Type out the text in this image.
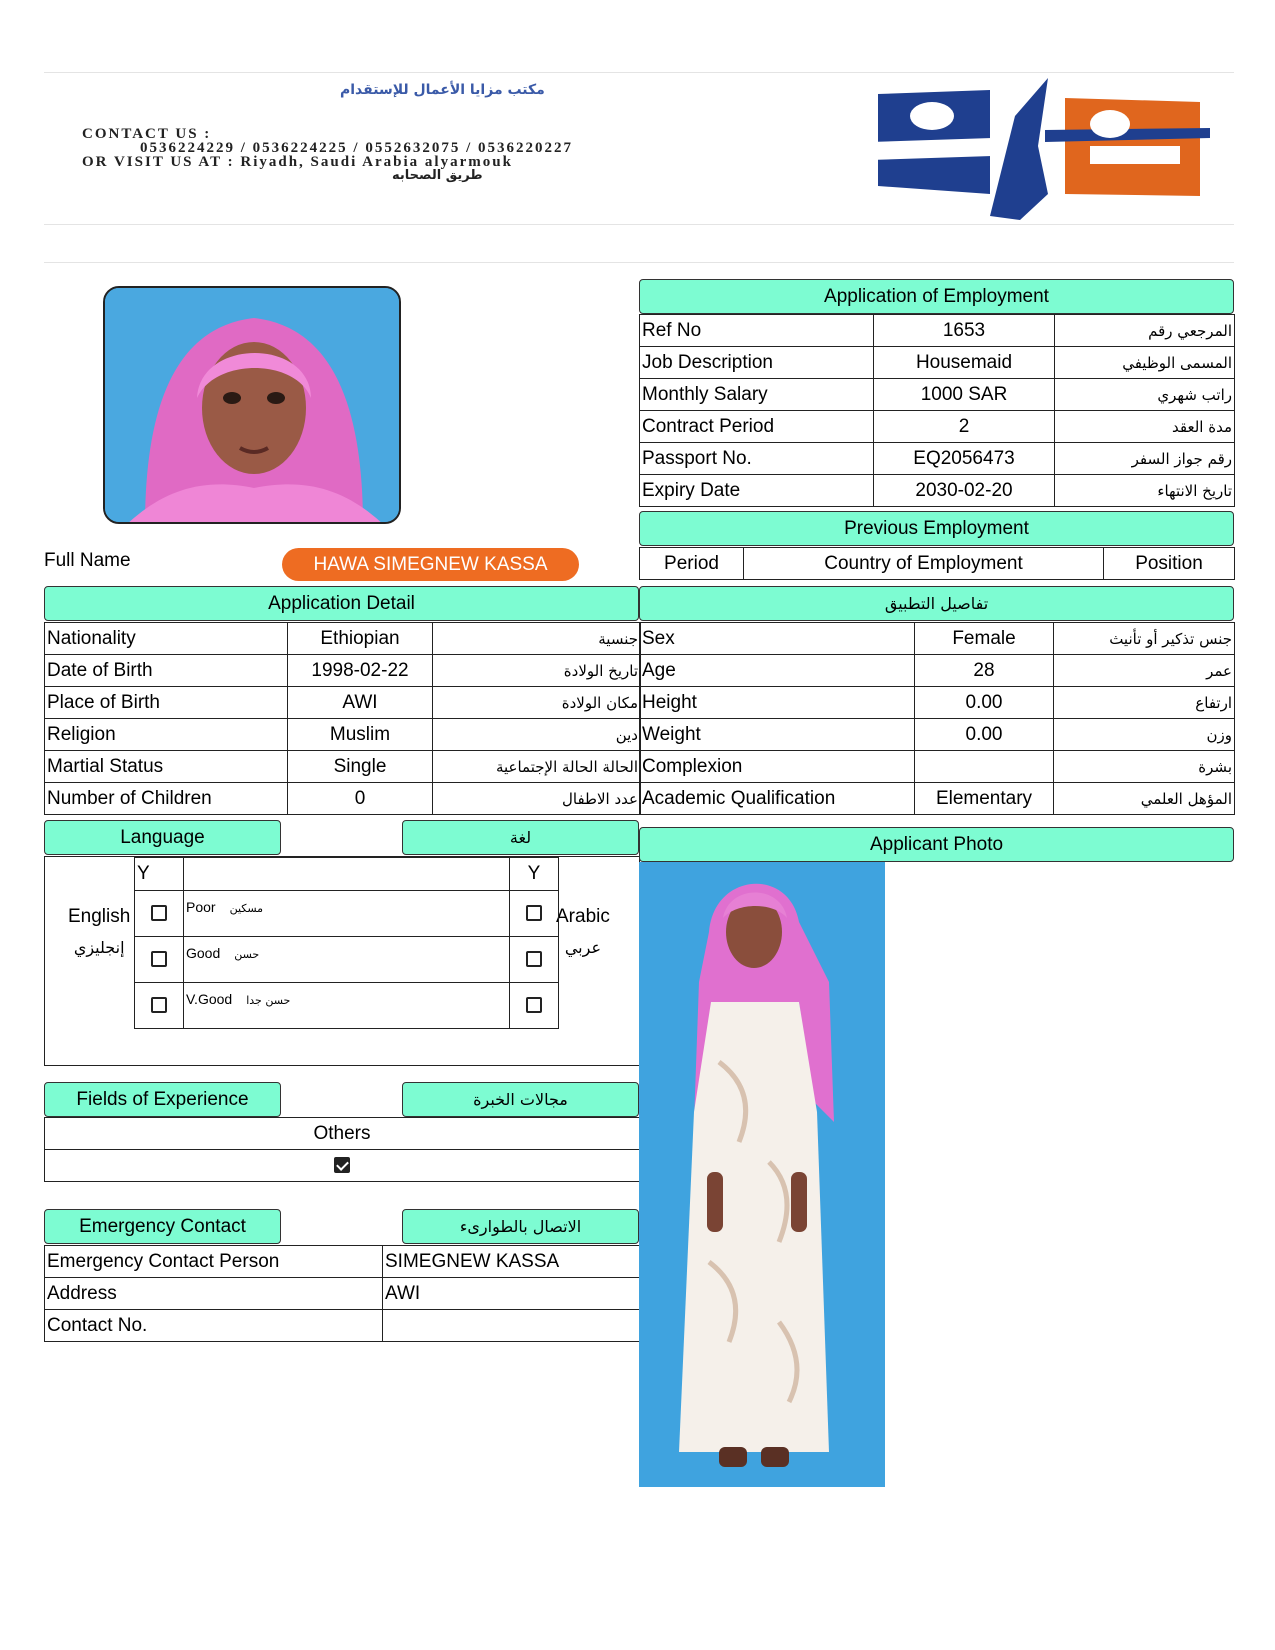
مكتب مزايا الأعمال للإستقدام
CONTACT US :
0536224229 / 0536224225 / 0552632075 / 0536220227
OR VISIT US AT : Riyadh, Saudi Arabia alyarmouk
طريق الصحابه
Full Name	HAWA SIMEGNEW KASSA
Application of Employment
Ref No	1653	المرجعي رقم
Job Description	Housemaid	المسمى الوظيفي
Monthly Salary	1000 SAR	راتب شهري
Contract Period	2	مدة العقد
Passport No.	EQ2056473	رقم جواز السفر
Expiry Date	2030-02-20	تاريخ الانتهاء
Previous Employment
Period	Country of Employment	Position
Application Detail
Nationality	Ethiopian	جنسية
Date of Birth	1998-02-22	تاريخ الولادة
Place of Birth	AWI	مكان الولادة
Religion	Muslim	دين
Martial Status	Single	الحالة الحالة الإجتماعية
Number of Children	0	عدد الاطفال
تفاصيل التطبيق
Sex	Female	جنس تذكير أو تأنيث
Age	28	عمر
Height	0.00	ارتفاع
Weight	0.00	وزن
Complexion		بشرة
Academic Qualification	Elementary	المؤهل العلمي
Language	لغة
English
إنجليزي
Arabic
عربي
Y		Y
	Poor مسكين	
	Good حسن	
	V.Good حسن جدا	
Fields of Experience	مجالات الخبرة
Others

Emergency Contact	الاتصال بالطوارىء
Emergency Contact Person	SIMEGNEW KASSA
Address	AWI
Contact No.	
Applicant Photo
